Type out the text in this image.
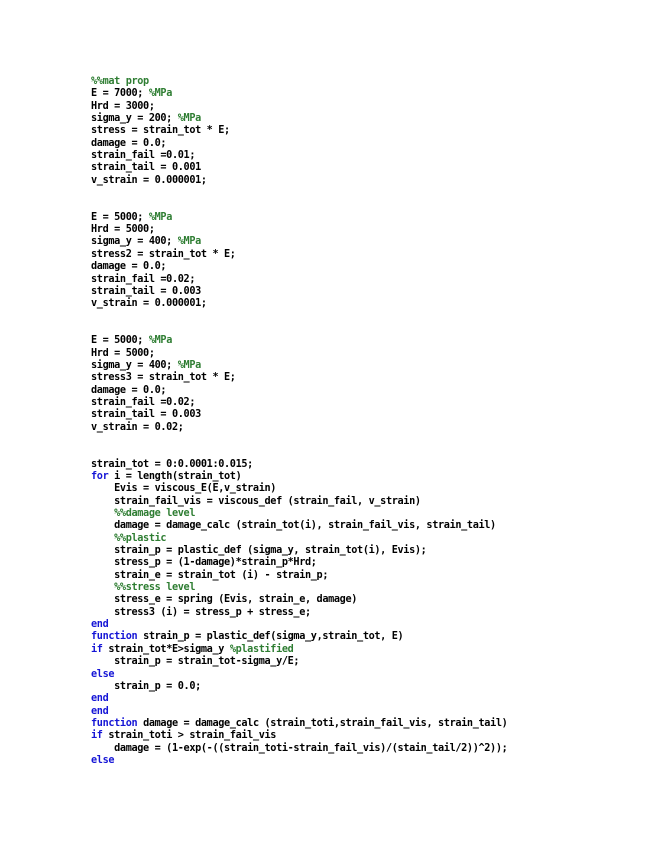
%%mat prop
E = 7000; %MPa
Hrd = 3000;
sigma_y = 200; %MPa
stress = strain_tot * E;
damage = 0.0;
strain_fail =0.01;
strain_tail = 0.001
v_strain = 0.000001;
E = 5000; %MPa
Hrd = 5000;
sigma_y = 400; %MPa
stress2 = strain_tot * E;
damage = 0.0;
strain_fail =0.02;
strain_tail = 0.003
v_strain = 0.000001;
E = 5000; %MPa
Hrd = 5000;
sigma_y = 400; %MPa
stress3 = strain_tot * E;
damage = 0.0;
strain_fail =0.02;
strain_tail = 0.003
v_strain = 0.02;
strain_tot = 0:0.0001:0.015;
for i = length(strain_tot)
Evis = viscous_E(E,v_strain)
strain_fail_vis = viscous_def (strain_fail, v_strain)
%%damage level
damage = damage_calc (strain_tot(i), strain_fail_vis, strain_tail)
%%plastic
strain_p = plastic_def (sigma_y, strain_tot(i), Evis);
stress_p = (1-damage)*strain_p*Hrd;
strain_e = strain_tot (i) - strain_p;
%%stress level
stress_e = spring (Evis, strain_e, damage)
stress3 (i) = stress_p + stress_e;
end
function strain_p = plastic_def(sigma_y,strain_tot, E)
if strain_tot*E>sigma_y %plastified
strain_p = strain_tot-sigma_y/E;
else
strain_p = 0.0;
end
end
function damage = damage_calc (strain_toti,strain_fail_vis, strain_tail)
if strain_toti > strain_fail_vis
damage = (1-exp(-((strain_toti-strain_fail_vis)/(stain_tail/2))^2));
else
